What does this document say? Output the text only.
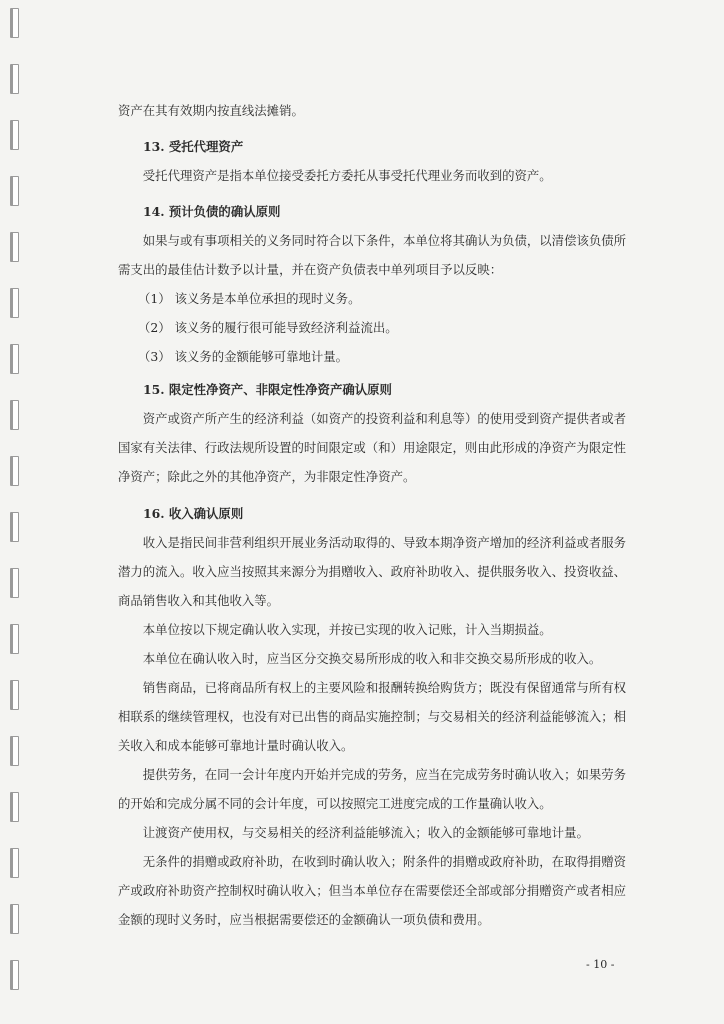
资产在其有效期内按直线法摊销。

13. 受托代理资产

受托代理资产是指本单位接受委托方委托从事受托代理业务而收到的资产。

14. 预计负债的确认原则

如果与或有事项相关的义务同时符合以下条件，本单位将其确认为负债，以清偿该负债所需支出的最佳估计数予以计量，并在资产负债表中单列项目予以反映：

（1） 该义务是本单位承担的现时义务。

（2） 该义务的履行很可能导致经济利益流出。

（3） 该义务的金额能够可靠地计量。

15. 限定性净资产、非限定性净资产确认原则

资产或资产所产生的经济利益（如资产的投资利益和利息等）的使用受到资产提供者或者国家有关法律、行政法规所设置的时间限定或（和）用途限定，则由此形成的净资产为限定性净资产；除此之外的其他净资产，为非限定性净资产。

16. 收入确认原则

收入是指民间非营利组织开展业务活动取得的、导致本期净资产增加的经济利益或者服务潜力的流入。收入应当按照其来源分为捐赠收入、政府补助收入、提供服务收入、投资收益、商品销售收入和其他收入等。

本单位按以下规定确认收入实现，并按已实现的收入记账，计入当期损益。

本单位在确认收入时，应当区分交换交易所形成的收入和非交换交易所形成的收入。

销售商品，已将商品所有权上的主要风险和报酬转换给购货方；既没有保留通常与所有权相联系的继续管理权，也没有对已出售的商品实施控制；与交易相关的经济利益能够流入；相关收入和成本能够可靠地计量时确认收入。

提供劳务，在同一会计年度内开始并完成的劳务，应当在完成劳务时确认收入；如果劳务的开始和完成分属不同的会计年度，可以按照完工进度完成的工作量确认收入。

让渡资产使用权，与交易相关的经济利益能够流入；收入的金额能够可靠地计量。

无条件的捐赠或政府补助，在收到时确认收入；附条件的捐赠或政府补助，在取得捐赠资产或政府补助资产控制权时确认收入；但当本单位存在需要偿还全部或部分捐赠资产或者相应金额的现时义务时，应当根据需要偿还的金额确认一项负债和费用。

- 10 -
